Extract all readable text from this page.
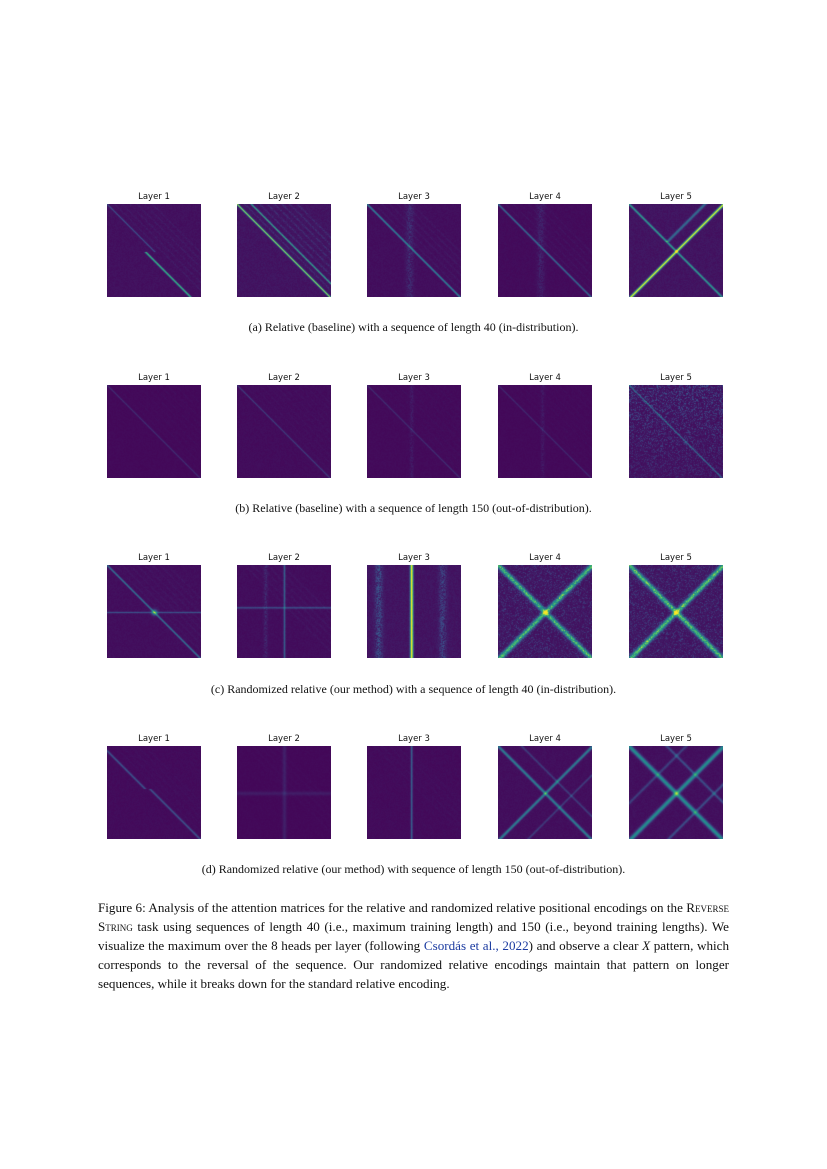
Layer 1	Layer 2	Layer 3	Layer 4	Layer 5
(a) Relative (baseline) with a sequence of length 40 (in-distribution).
Layer 1	Layer 2	Layer 3	Layer 4	Layer 5
(b) Relative (baseline) with a sequence of length 150 (out-of-distribution).
Layer 1	Layer 2	Layer 3	Layer 4	Layer 5
(c) Randomized relative (our method) with a sequence of length 40 (in-distribution).
Layer 1	Layer 2	Layer 3	Layer 4	Layer 5
(d) Randomized relative (our method) with sequence of length 150 (out-of-distribution).
Figure 6: Analysis of the attention matrices for the relative and randomized relative positional encodings on the Reverse String task using sequences of length 40 (i.e., maximum training length) and 150 (i.e., beyond training lengths). We visualize the maximum over the 8 heads per layer (following Csordás et al., 2022) and observe a clear X pattern, which corresponds to the reversal of the sequence. Our randomized relative encodings maintain that pattern on longer sequences, while it breaks down for the standard relative encoding.
